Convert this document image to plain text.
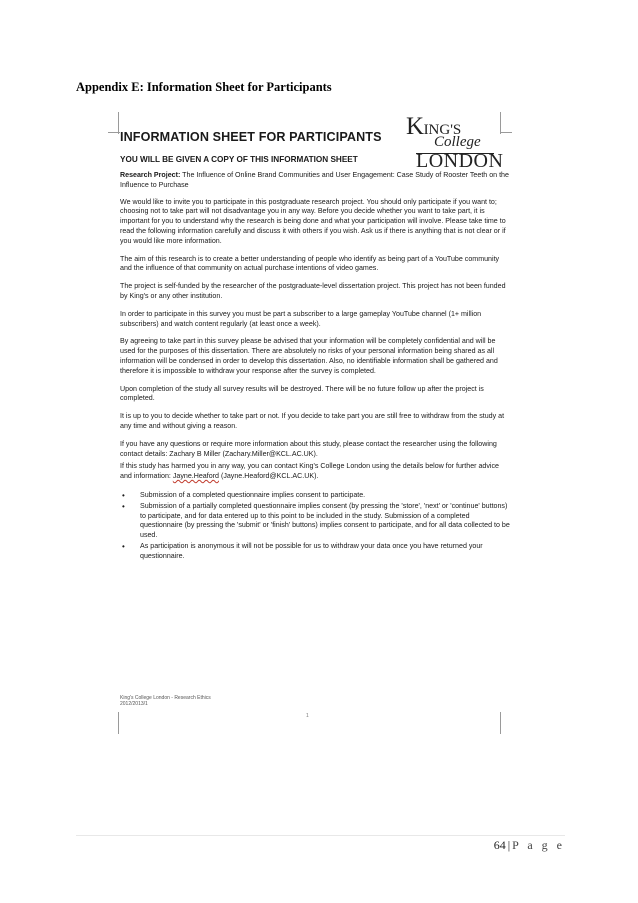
Appendix E: Information Sheet for Participants
KING'S
College
LONDON
INFORMATION SHEET FOR PARTICIPANTS
YOU WILL BE GIVEN A COPY OF THIS INFORMATION SHEET

Research Project: The Influence of Online Brand Communities and User Engagement: Case Study of Rooster Teeth on the Influence to Purchase

We would like to invite you to participate in this postgraduate research project. You should only participate if you want to; choosing not to take part will not disadvantage you in any way. Before you decide whether you want to take part, it is important for you to understand why the research is being done and what your participation will involve. Please take time to read the following information carefully and discuss it with others if you wish. Ask us if there is anything that is not clear or if you would like more information.

The aim of this research is to create a better understanding of people who identify as being part of a YouTube community and the influence of that community on actual purchase intentions of video games.

The project is self-funded by the researcher of the postgraduate-level dissertation project. This project has not been funded by King's or any other institution.

In order to participate in this survey you must be part a subscriber to a large gameplay YouTube channel (1+ million subscribers) and watch content regularly (at least once a week).

By agreeing to take part in this survey please be advised that your information will be completely confidential and will be used for the purposes of this dissertation. There are absolutely no risks of your personal information being shared as all information will be condensed in order to develop this dissertation. Also, no identifiable information shall be gathered and therefore it is impossible to withdraw your response after the survey is completed.

Upon completion of the study all survey results will be destroyed. There will be no future follow up after the project is completed.

It is up to you to decide whether to take part or not. If you decide to take part you are still free to withdraw from the study at any time and without giving a reason.

If you have any questions or require more information about this study, please contact the researcher using the following contact details: Zachary B Miller (Zachary.Miller@KCL.AC.UK).

If this study has harmed you in any way, you can contact King's College London using the details below for further advice and information: Jayne.Heaford (Jayne.Heaford@KCL.AC.UK).

• Submission of a completed questionnaire implies consent to participate.
• Submission of a partially completed questionnaire implies consent (by pressing the 'store', 'next' or 'continue' buttons) to participate, and for data entered up to this point to be included in the study. Submission of a completed questionnaire (by pressing the 'submit' or 'finish' buttons) implies consent to participate, and for all data collected to be used.
• As participation is anonymous it will not be possible for us to withdraw your data once you have returned your questionnaire.
King's College London - Research Ethics
2012/2013/1
1
64 | P a g e
